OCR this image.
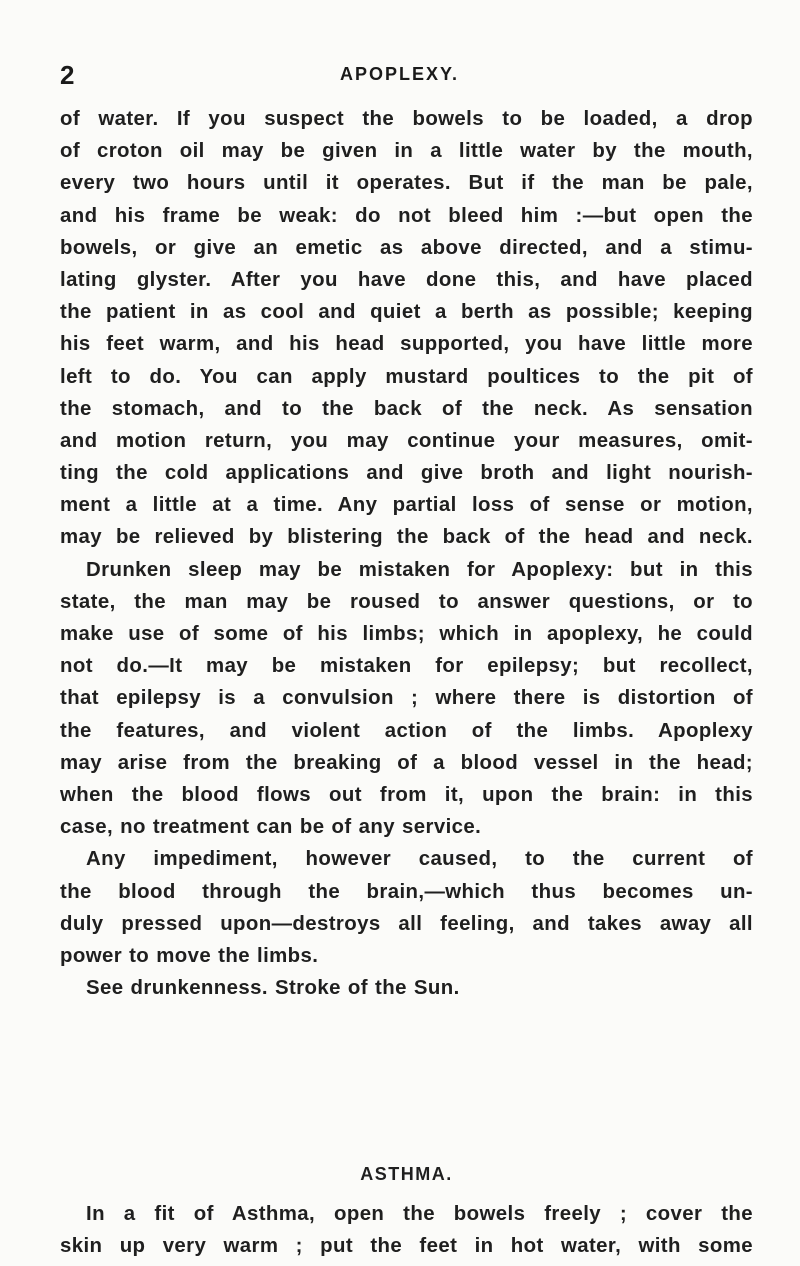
2	APOPLEXY.
of water. If you suspect the bowels to be loaded, a drop
of croton oil may be given in a little water by the mouth,
every two hours until it operates. But if the man be pale,
and his frame be weak: do not bleed him :—but open the
bowels, or give an emetic as above directed, and a stimu-
lating glyster. After you have done this, and have placed
the patient in as cool and quiet a berth as possible; keeping
his feet warm, and his head supported, you have little more
left to do. You can apply mustard poultices to the pit of
the stomach, and to the back of the neck. As sensation
and motion return, you may continue your measures, omit-
ting the cold applications and give broth and light nourish-
ment a little at a time. Any partial loss of sense or motion,
may be relieved by blistering the back of the head and neck.
Drunken sleep may be mistaken for Apoplexy: but in this
state, the man may be roused to answer questions, or to
make use of some of his limbs; which in apoplexy, he could
not do.—It may be mistaken for epilepsy; but recollect,
that epilepsy is a convulsion ; where there is distortion of
the features, and violent action of the limbs. Apoplexy
may arise from the breaking of a blood vessel in the head;
when the blood flows out from it, upon the brain: in this
case, no treatment can be of any service.
Any impediment, however caused, to the current of
the blood through the brain,—which thus becomes un-
duly pressed upon—destroys all feeling, and takes away all
power to move the limbs.
See drunkenness. Stroke of the Sun.
ASTHMA.
In a fit of Asthma, open the bowels freely ; cover the
skin up very warm ; put the feet in hot water, with some
